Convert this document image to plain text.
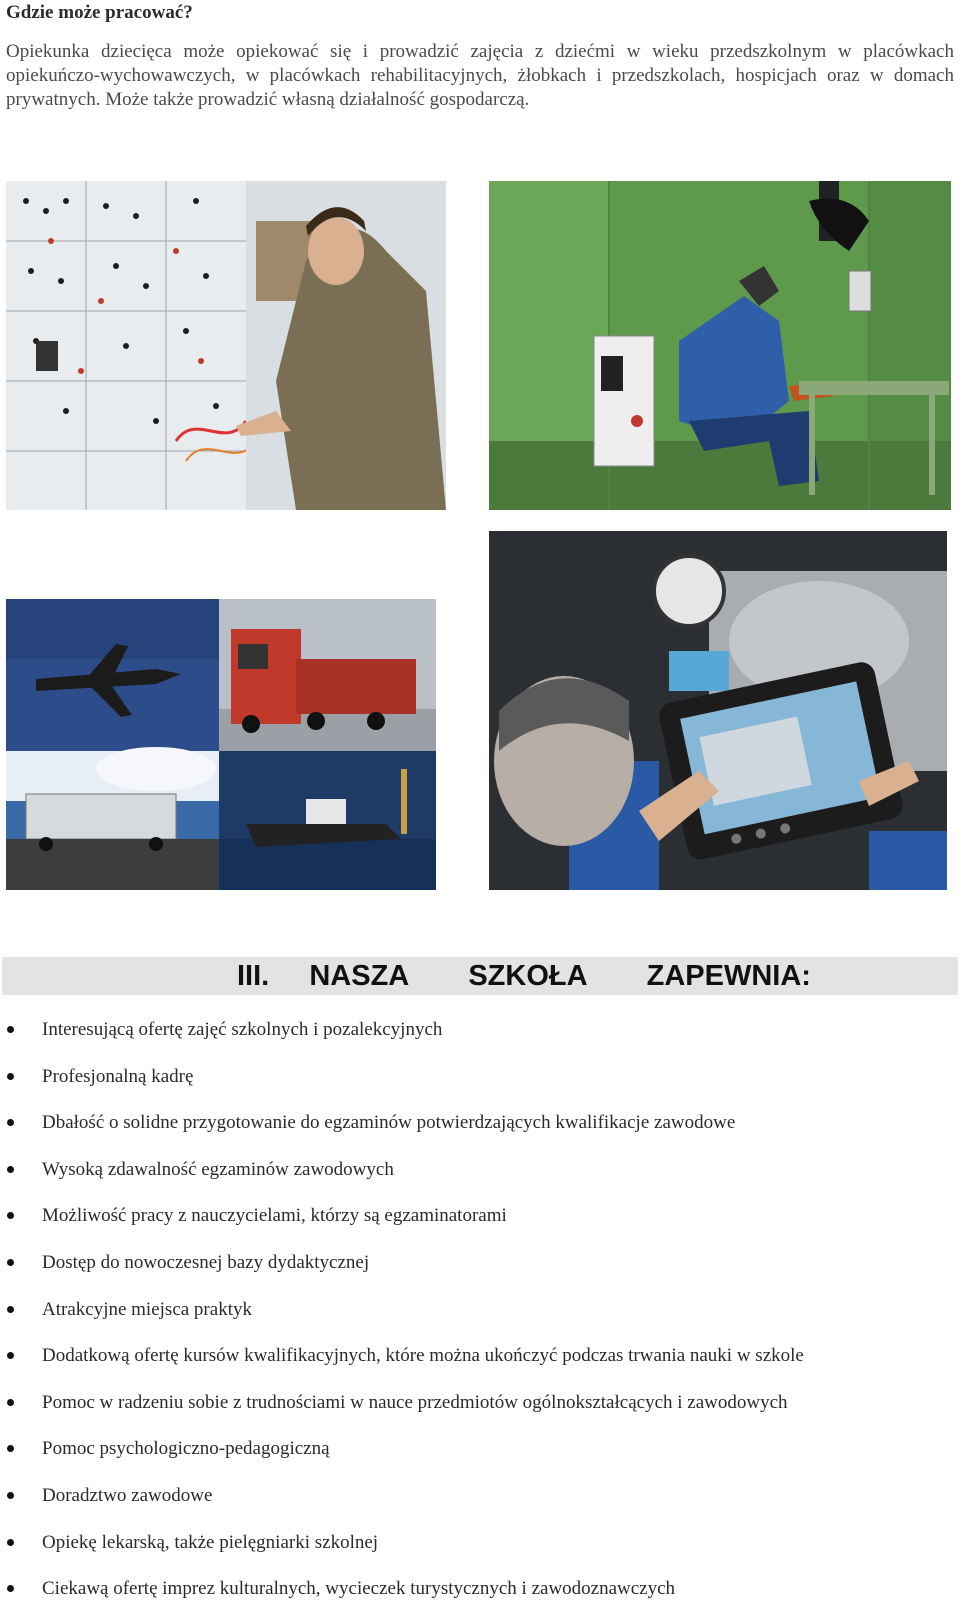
Gdzie może pracować?
Opiekunka dziecięca może opiekować się i prowadzić zajęcia z dziećmi w wieku przedszkolnym w placówkach opiekuńczo-wychowawczych, w placówkach rehabilitacyjnych, żłobkach i przedszkolach, hospicjach oraz w domach prywatnych. Może także prowadzić własną działalność gospodarczą.
III.  NASZA   SZKOŁA   ZAPEWNIA:
Interesującą ofertę zajęć szkolnych i pozalekcyjnych
Profesjonalną kadrę
Dbałość o solidne przygotowanie do egzaminów potwierdzających kwalifikacje zawodowe
Wysoką zdawalność egzaminów zawodowych
Możliwość pracy z nauczycielami, którzy są egzaminatorami
Dostęp do nowoczesnej bazy dydaktycznej
Atrakcyjne miejsca praktyk
Dodatkową ofertę kursów kwalifikacyjnych, które można ukończyć podczas trwania nauki w szkole
Pomoc w radzeniu sobie z trudnościami w nauce przedmiotów ogólnokształcących i zawodowych
Pomoc psychologiczno-pedagogiczną
Doradztwo zawodowe
Opiekę lekarską, także pielęgniarki szkolnej
Ciekawą ofertę imprez kulturalnych, wycieczek turystycznych i zawodoznawczych
